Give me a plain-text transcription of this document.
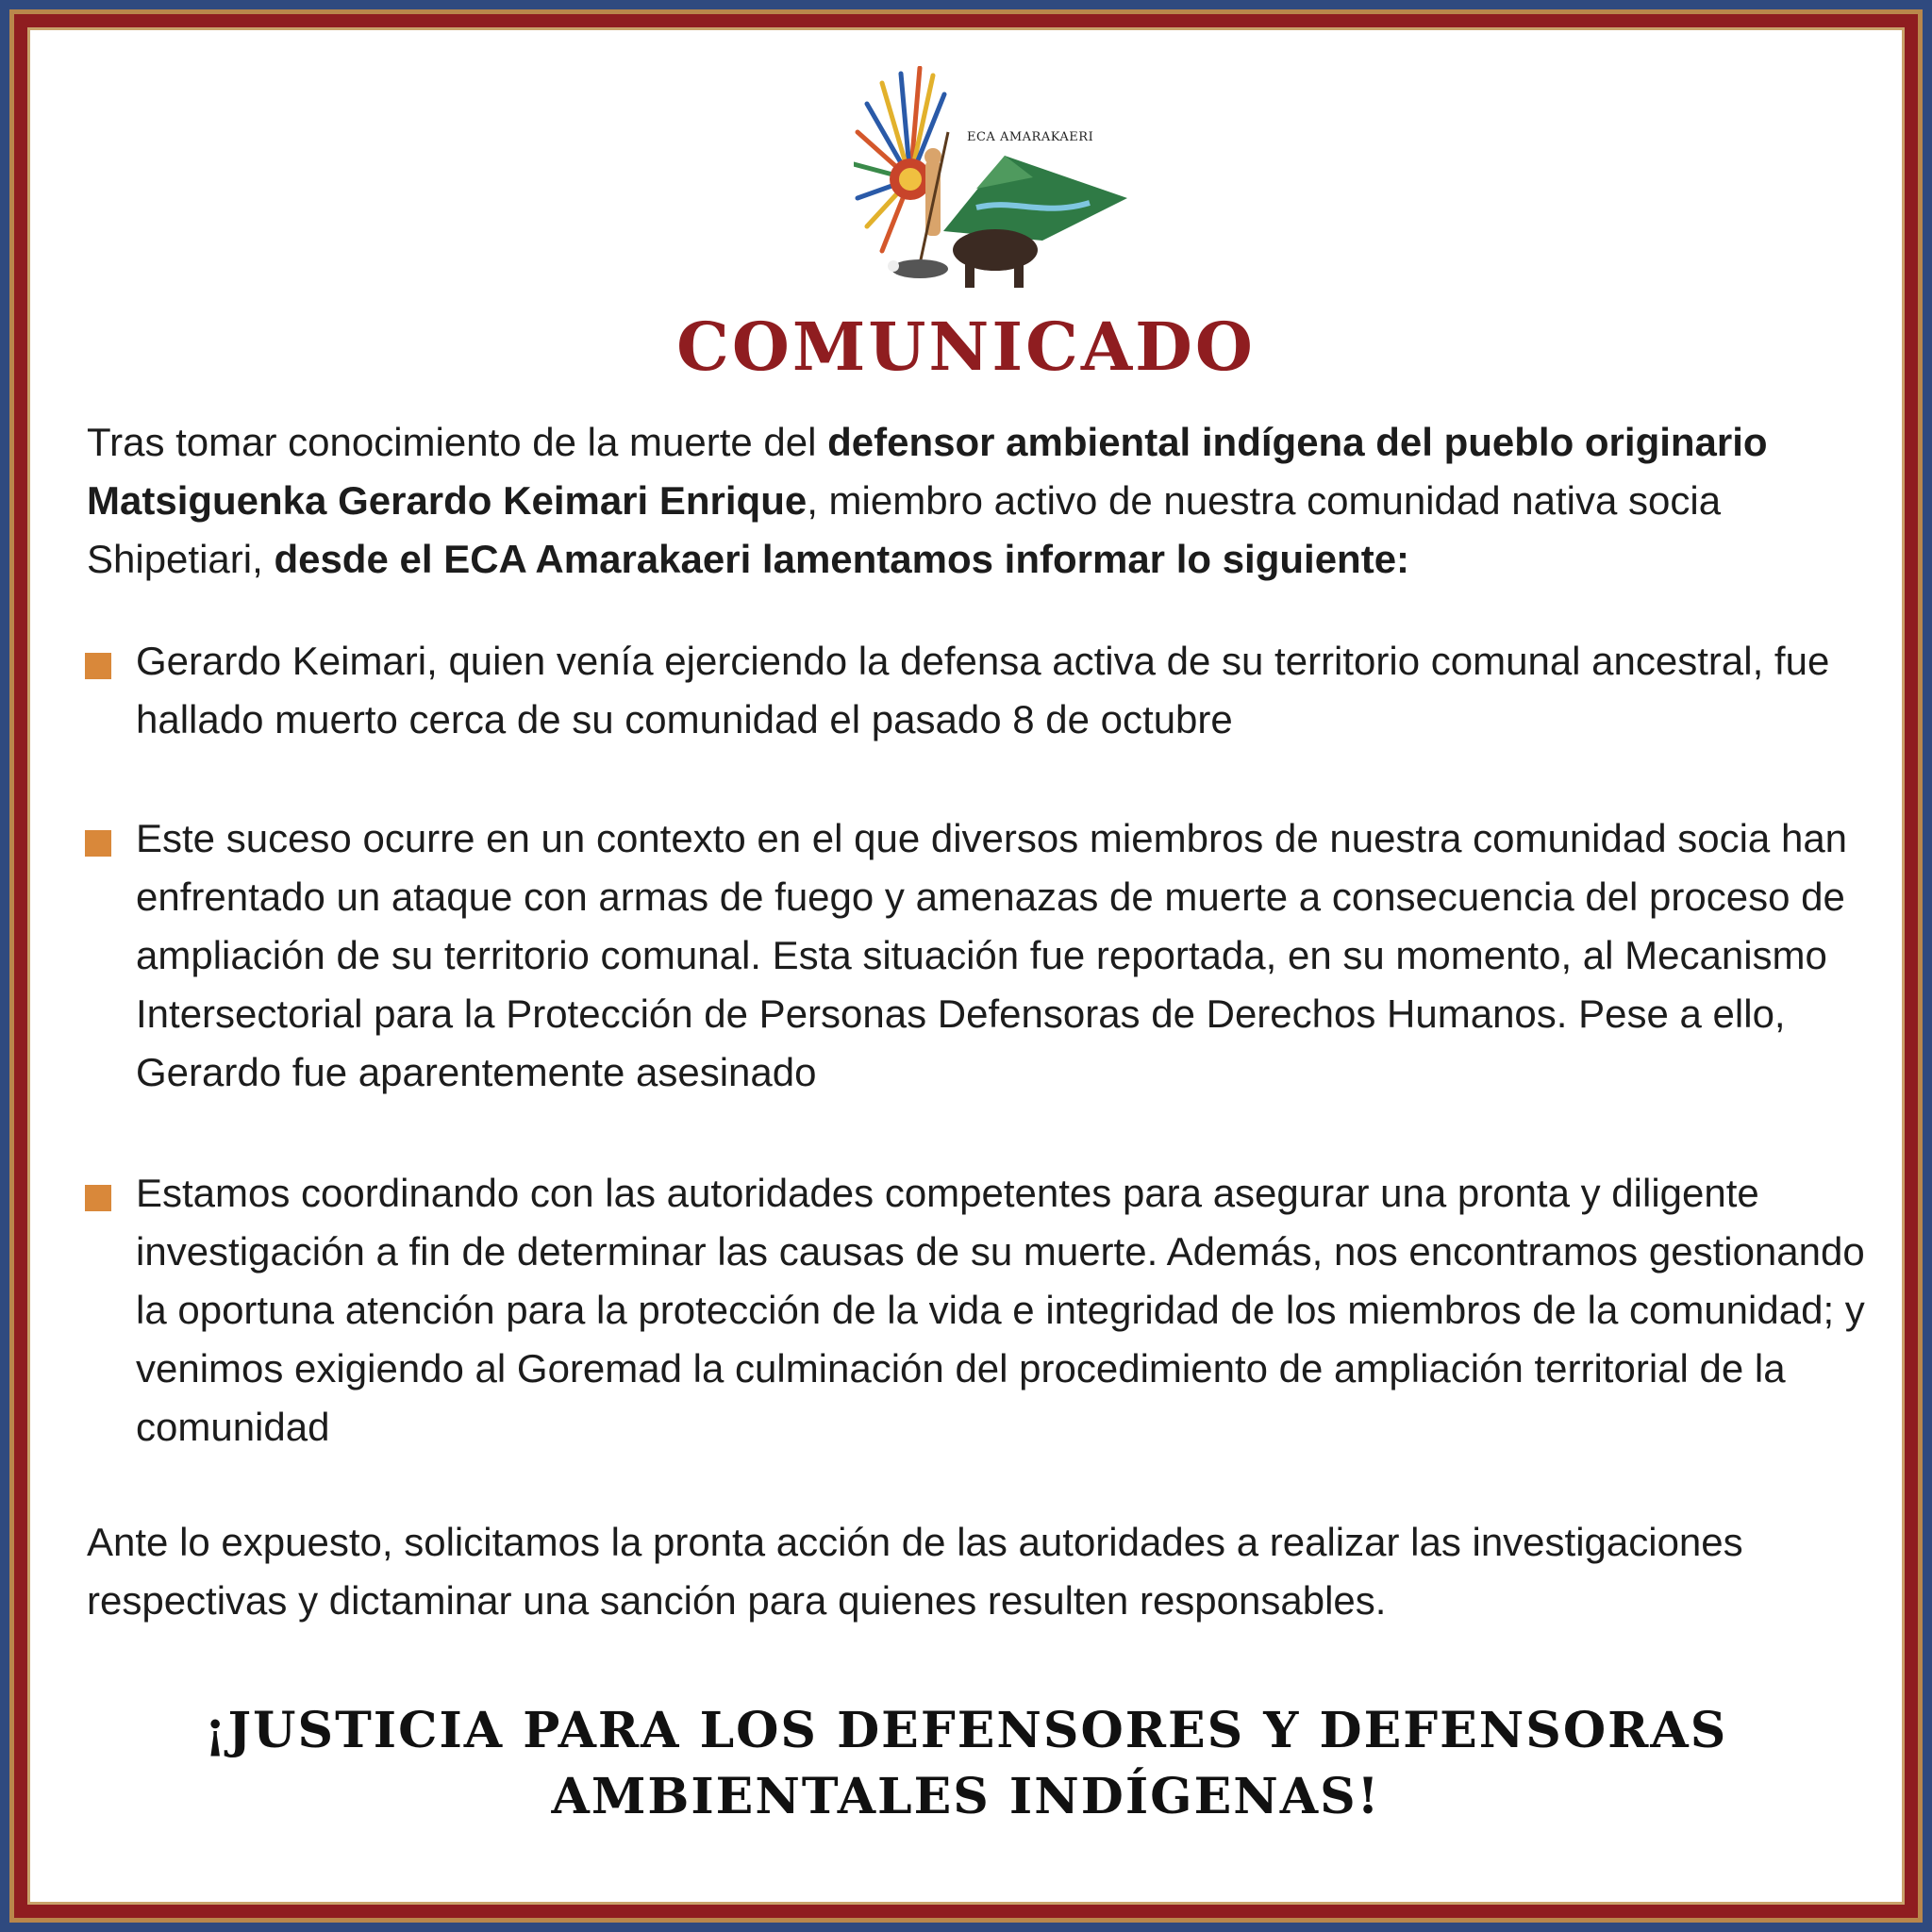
ECA AMARAKAERI
COMUNICADO
Tras tomar conocimiento de la muerte del defensor ambiental indígena del pueblo originario Matsiguenka Gerardo Keimari Enrique, miembro activo de nuestra comunidad nativa socia Shipetiari, desde el ECA Amarakaeri lamentamos informar lo siguiente:
Gerardo Keimari, quien venía ejerciendo la defensa activa de su territorio comunal ancestral, fue hallado muerto cerca de su comunidad el pasado 8 de octubre
Este suceso ocurre en un contexto en el que diversos miembros de nuestra comunidad socia han enfrentado un ataque con armas de fuego y amenazas de muerte a consecuencia del proceso de ampliación de su territorio comunal. Esta situación fue reportada, en su momento, al Mecanismo Intersectorial para la Protección de Personas Defensoras de Derechos Humanos. Pese a ello, Gerardo fue aparentemente asesinado
Estamos coordinando con las autoridades competentes para asegurar una pronta y diligente investigación a fin de determinar las causas de su muerte. Además, nos encontramos gestionando la oportuna atención para la protección de la vida e integridad de los miembros de la comunidad; y venimos exigiendo al Goremad la culminación del procedimiento de ampliación territorial de la comunidad
Ante lo expuesto, solicitamos la pronta acción de las autoridades a realizar las investigaciones respectivas y dictaminar una sanción para quienes resulten responsables.
¡JUSTICIA PARA LOS DEFENSORES Y DEFENSORAS
AMBIENTALES INDÍGENAS!
